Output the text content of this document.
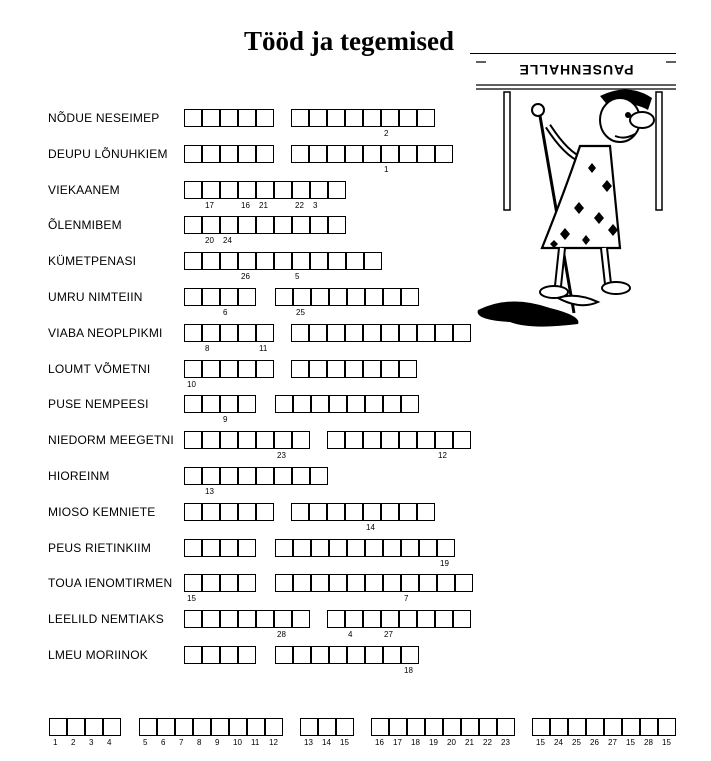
Tööd ja tegemised
NÕDUE NESEIMEP
2
DEUPU LÕNUHKIEM
1
VIEKAANEM
17	16 21	22 3
ÕLENMIBEM
20 24
KÜMETPENASI
26	5
UMRU NIMTEIIN
6	25
VIABA NEOPLPIKMI
8	11
LOUMT VÕMETNI
10
PUSE NEMPEESI
9
NIEDORM MEEGETNI
23	12
HIOREINM
13
MIOSO KEMNIETE
14
PEUS RIETINKIIM
19
TOUA IENOMTIRMEN
15	7
LEELILD NEMTIAKS
28	4	27
LMEU MORIINOK
18
1 2 3 4	5 6 7 8 9 10 11 12	13 14 15	16 17 18 19 20 21 22 23	15 24 25 26 27 15 28 15
PAUSENHALLE
